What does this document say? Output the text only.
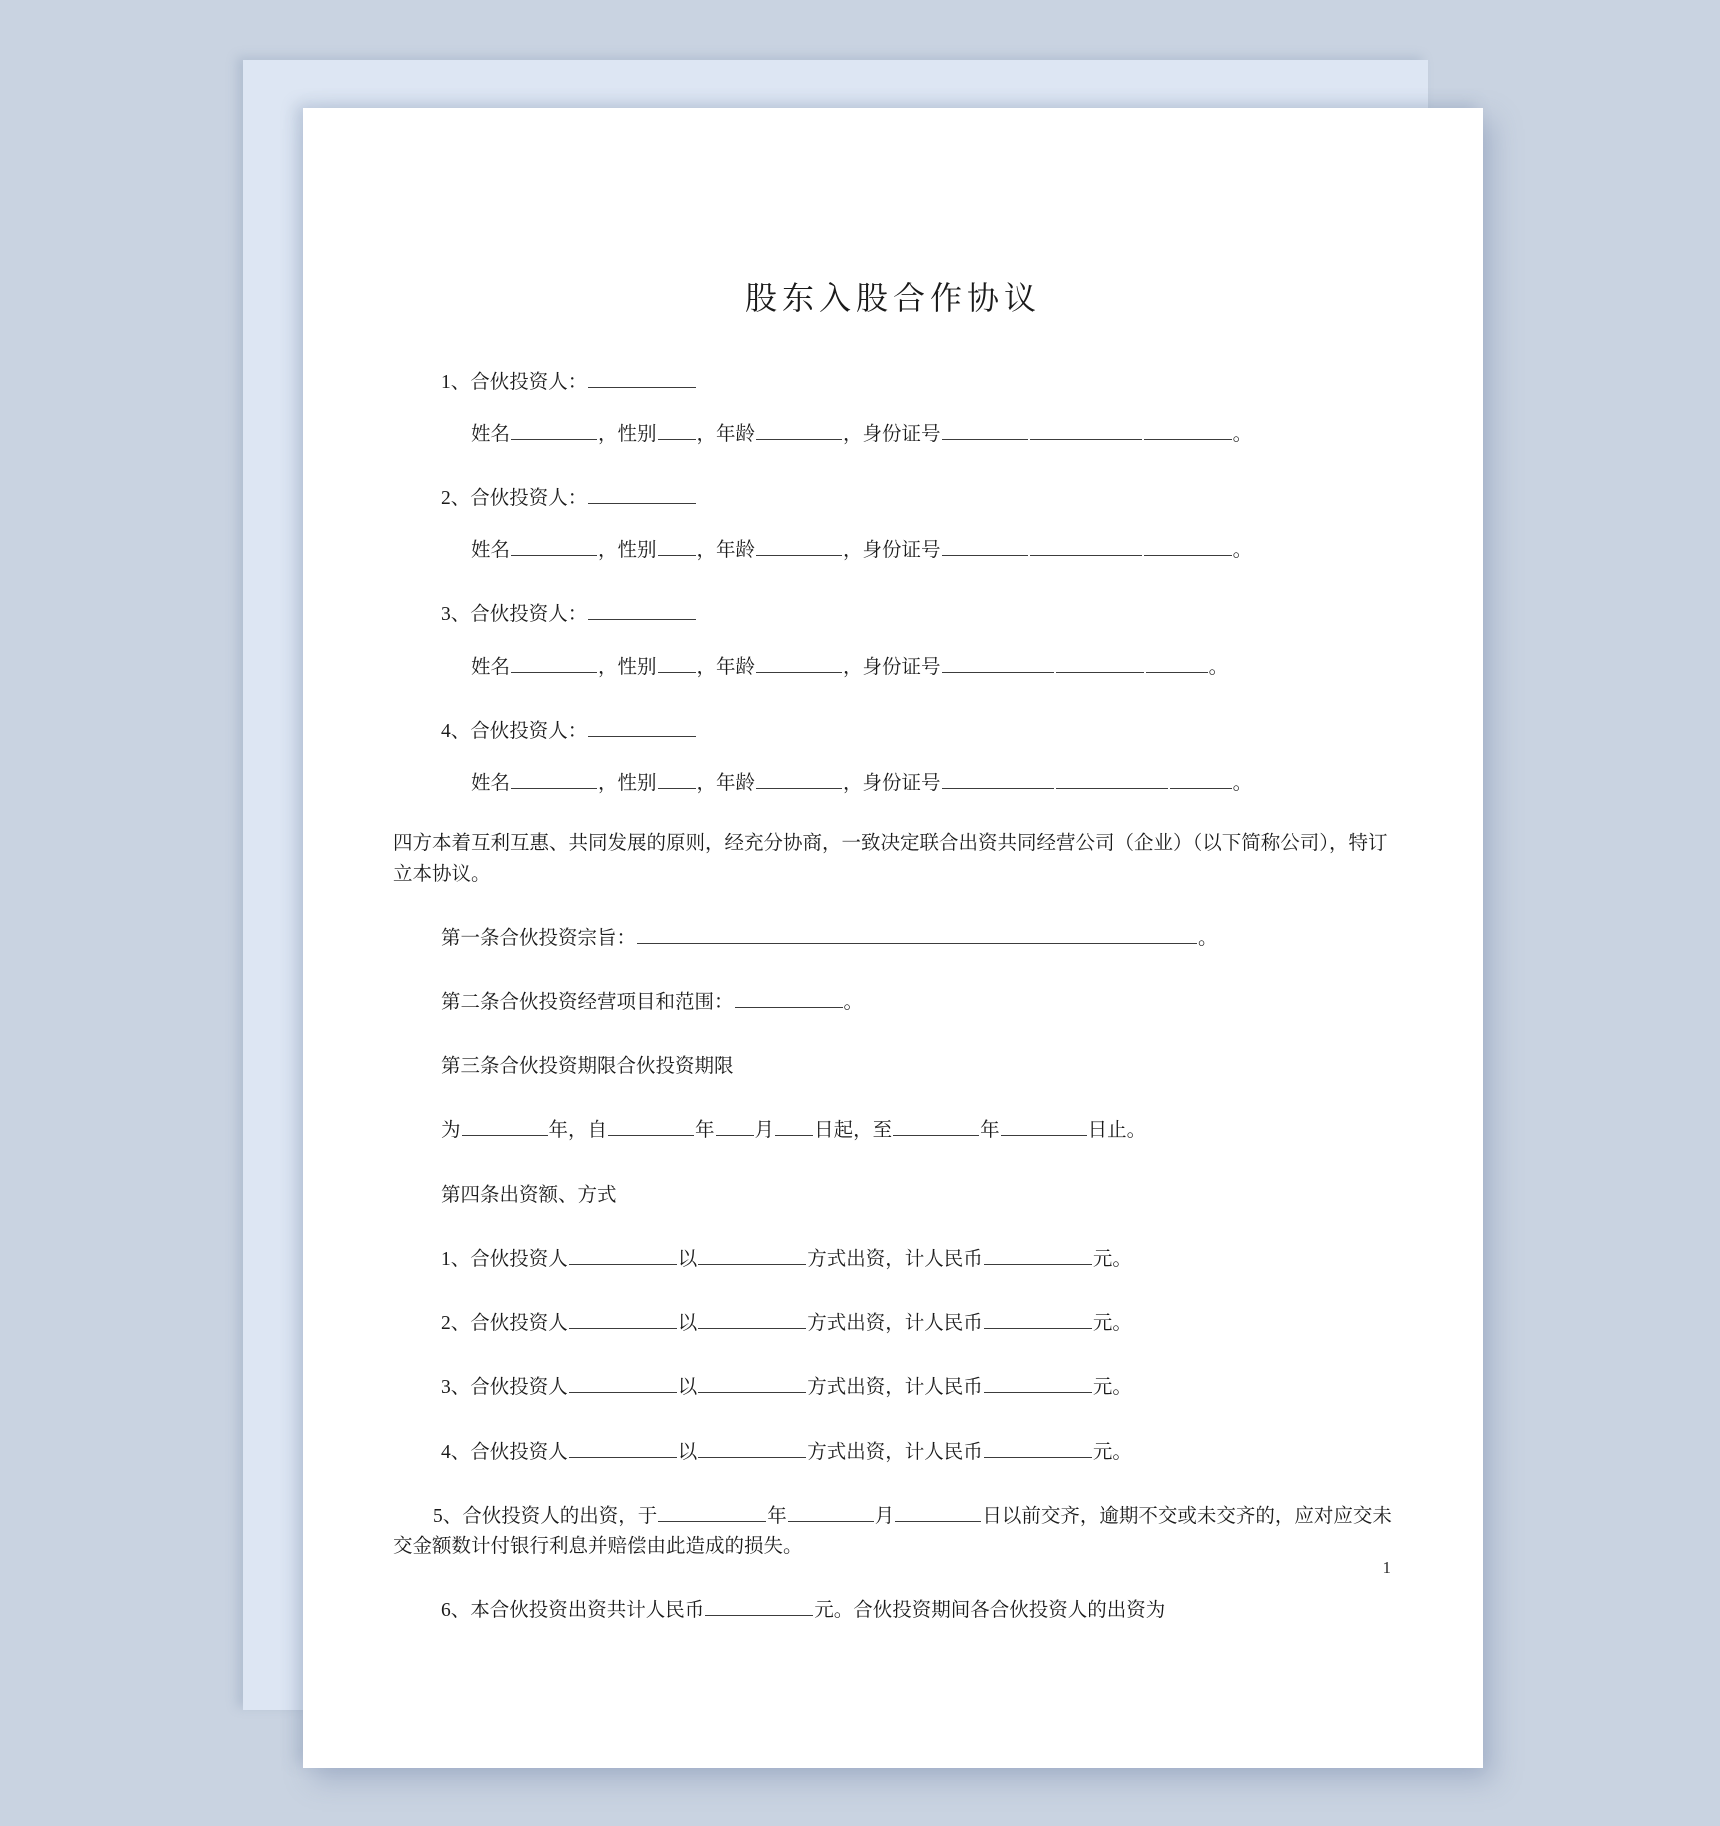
股东入股合作协议

1、合伙投资人：

姓名	，性别 ，年龄	，身份证号	。

2、合伙投资人：

姓名	，性别 ，年龄	，身份证号	。

3、合伙投资人：

姓名	，性别 ，年龄	，身份证号	。

4、合伙投资人：

姓名	，性别 ，年龄	，身份证号	。

四方本着互利互惠、共同发展的原则，经充分协商，一致决定联合出资共同经营公司（企业）（以下简称公司），特订立本协议。

第一条合伙投资宗旨：	。

第二条合伙投资经营项目和范围：	。

第三条合伙投资期限合伙投资期限

为	年，自	年 月 日起，至	年	日止。

第四条出资额、方式

1、合伙投资人	以	方式出资，计人民币	元。

2、合伙投资人	以	方式出资，计人民币	元。

3、合伙投资人	以	方式出资，计人民币	元。

4、合伙投资人	以	方式出资，计人民币	元。

5、合伙投资人的出资，于	年	月	日以前交齐，逾期不交或未交齐的，应对应交未交金额数计付银行利息并赔偿由此造成的损失。

6、本合伙投资出资共计人民币	元。合伙投资期间各合伙投资人的出资为

1
